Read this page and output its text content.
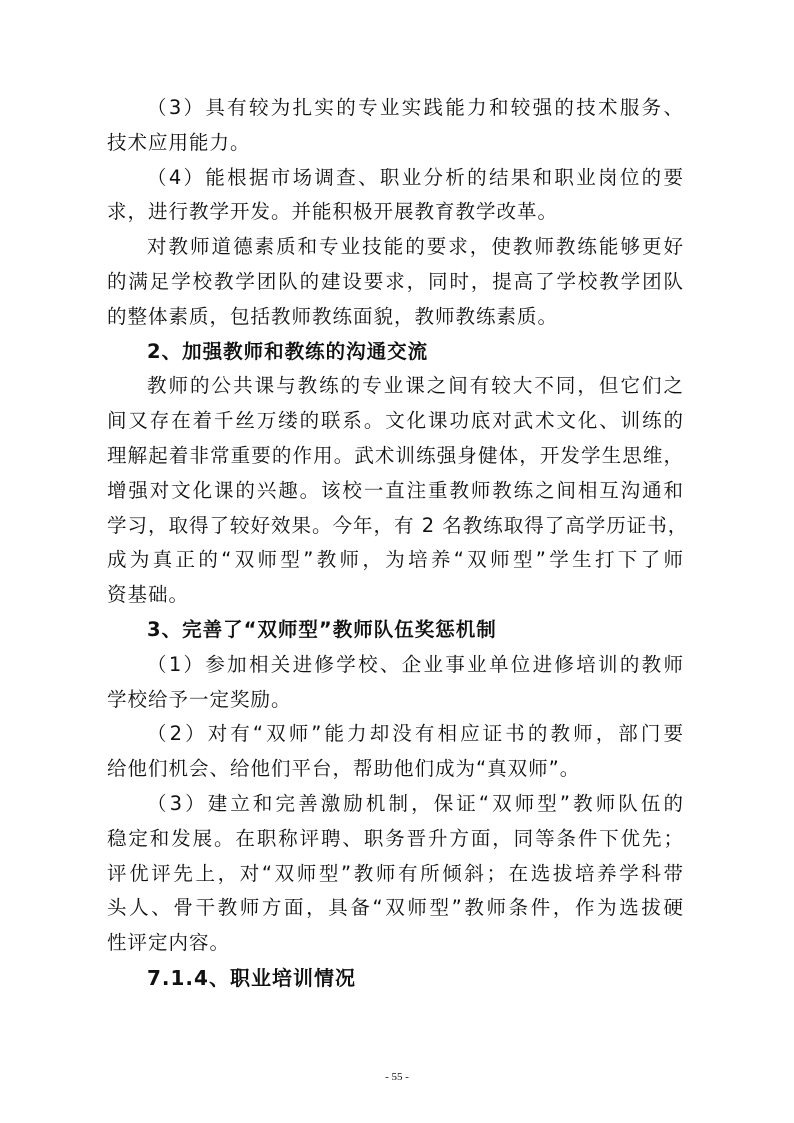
（3）具有较为扎实的专业实践能力和较强的技术服务、
技术应用能力。
（4）能根据市场调查、职业分析的结果和职业岗位的要
求，进行教学开发。并能积极开展教育教学改革。
对教师道德素质和专业技能的要求，使教师教练能够更好
的满足学校教学团队的建设要求，同时，提高了学校教学团队
的整体素质，包括教师教练面貌，教师教练素质。
2、加强教师和教练的沟通交流
教师的公共课与教练的专业课之间有较大不同，但它们之
间又存在着千丝万缕的联系。文化课功底对武术文化、训练的
理解起着非常重要的作用。武术训练强身健体，开发学生思维，
增强对文化课的兴趣。该校一直注重教师教练之间相互沟通和
学习，取得了较好效果。今年，有 2 名教练取得了高学历证书，
成为真正的“双师型”教师，为培养“双师型”学生打下了师
资基础。
3、完善了“双师型”教师队伍奖惩机制
（1）参加相关进修学校、企业事业单位进修培训的教师
学校给予一定奖励。
（2）对有“双师”能力却没有相应证书的教师，部门要
给他们机会、给他们平台，帮助他们成为“真双师”。
（3）建立和完善激励机制，保证“双师型”教师队伍的
稳定和发展。在职称评聘、职务晋升方面，同等条件下优先；
评优评先上，对“双师型”教师有所倾斜；在选拔培养学科带
头人、骨干教师方面，具备“双师型”教师条件，作为选拔硬
性评定内容。
7.1.4、职业培训情况
- 55 -
